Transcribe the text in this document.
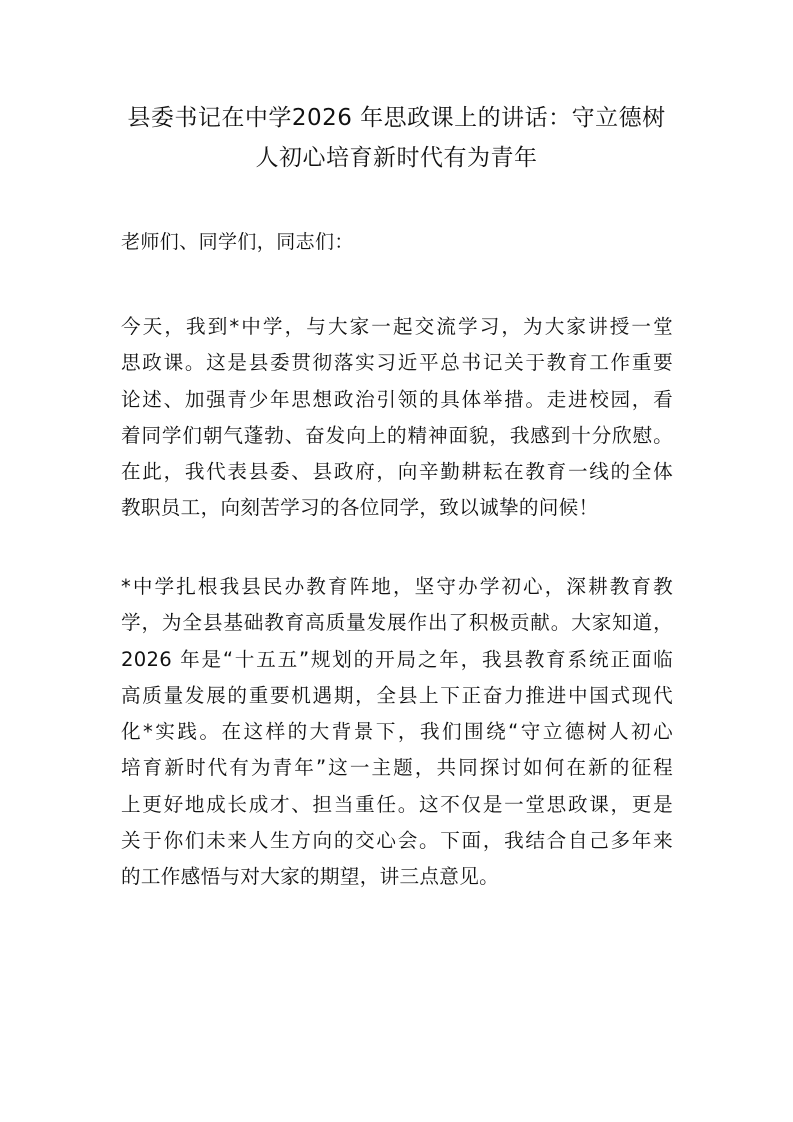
县委书记在中学2026 年思政课上的讲话：守立德树
人初心培育新时代有为青年
老师们、同学们，同志们：
今天，我到*中学，与大家一起交流学习，为大家讲授一堂
思政课。这是县委贯彻落实习近平总书记关于教育工作重要
论述、加强青少年思想政治引领的具体举措。走进校园，看
着同学们朝气蓬勃、奋发向上的精神面貌，我感到十分欣慰。
在此，我代表县委、县政府，向辛勤耕耘在教育一线的全体
教职员工，向刻苦学习的各位同学，致以诚挚的问候！
*中学扎根我县民办教育阵地，坚守办学初心，深耕教育教
学，为全县基础教育高质量发展作出了积极贡献。大家知道，
2026 年是“十五五”规划的开局之年，我县教育系统正面临
高质量发展的重要机遇期，全县上下正奋力推进中国式现代
化*实践。在这样的大背景下，我们围绕“守立德树人初心
培育新时代有为青年”这一主题，共同探讨如何在新的征程
上更好地成长成才、担当重任。这不仅是一堂思政课，更是
关于你们未来人生方向的交心会。下面，我结合自己多年来
的工作感悟与对大家的期望，讲三点意见。
